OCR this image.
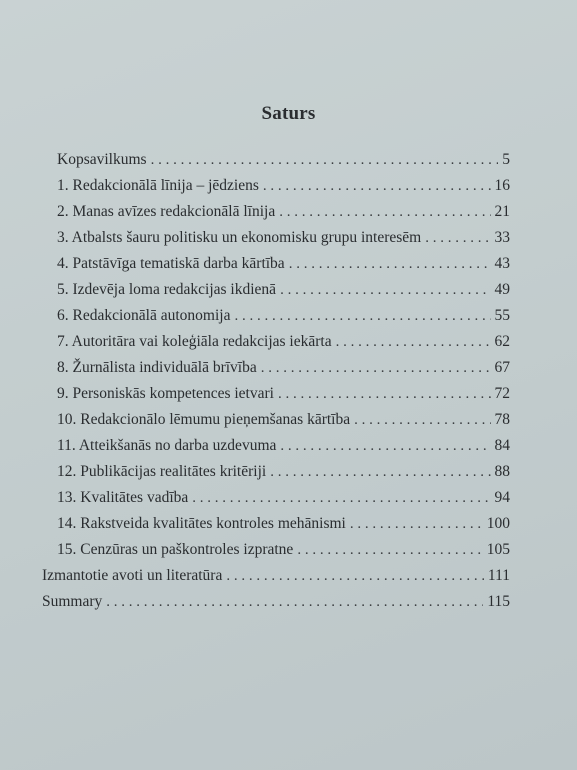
Saturs
Kopsavilkums . . .	5
1. Redakcionālā līnija – jēdziens . . .	16
2. Manas avīzes redakcionālā līnija . . .	21
3. Atbalsts šauru politisku un ekonomisku grupu interesēm . . .	33
4. Patstāvīga tematiskā darba kārtība . . .	43
5. Izdevēja loma redakcijas ikdienā . . .	49
6. Redakcionālā autonomija . . .	55
7. Autoritāra vai koleģiāla redakcijas iekārta . . .	62
8. Žurnālista individuālā brīvība . . .	67
9. Personiskās kompetences ietvari . . .	72
10. Redakcionālo lēmumu pieņemšanas kārtība . . .	78
11. Atteikšanās no darba uzdevuma . . .	84
12. Publikācijas realitātes kritēriji . . .	88
13. Kvalitātes vadība . . .	94
14. Rakstveida kvalitātes kontroles mehānismi . . .	100
15. Cenzūras un paškontroles izpratne . . .	105
Izmantotie avoti un literatūra . . .	111
Summary . . .	115
